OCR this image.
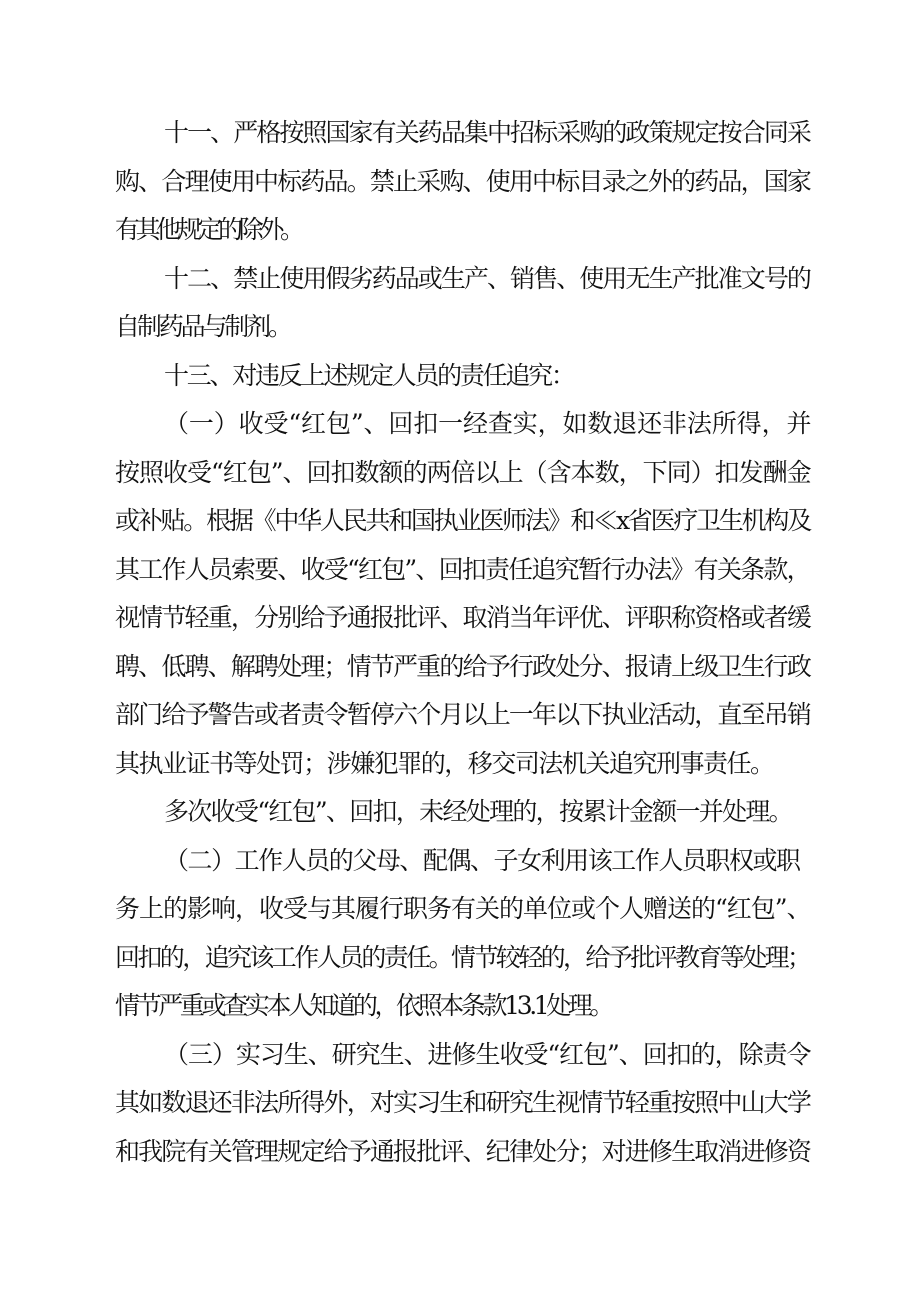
十一、严格按照国家有关药品集中招标采购的政策规定按合同采
购、合理使用中标药品。禁止采购、使用中标目录之外的药品，国家
有其他规定的除外。
十二、禁止使用假劣药品或生产、销售、使用无生产批准文号的
自制药品与制剂。
十三、对违反上述规定人员的责任追究：
（一）收受“红包”、回扣一经查实，如数退还非法所得，并
按照收受“红包”、回扣数额的两倍以上（含本数，下同）扣发酬金
或补贴。根据《中华人民共和国执业医师法》和≪x省医疗卫生机构及
其工作人员索要、收受“红包”、回扣责任追究暂行办法》有关条款，
视情节轻重，分别给予通报批评、取消当年评优、评职称资格或者缓
聘、低聘、解聘处理；情节严重的给予行政处分、报请上级卫生行政
部门给予警告或者责令暂停六个月以上一年以下执业活动，直至吊销
其执业证书等处罚；涉嫌犯罪的，移交司法机关追究刑事责任。
多次收受“红包”、回扣，未经处理的，按累计金额一并处理。
（二）工作人员的父母、配偶、子女利用该工作人员职权或职
务上的影响，收受与其履行职务有关的单位或个人赠送的“红包”、
回扣的，追究该工作人员的责任。情节较轻的，给予批评教育等处理；
情节严重或查实本人知道的，依照本条款13.1处理。
（三）实习生、研究生、进修生收受“红包”、回扣的，除责令
其如数退还非法所得外，对实习生和研究生视情节轻重按照中山大学
和我院有关管理规定给予通报批评、纪律处分；对进修生取消进修资
